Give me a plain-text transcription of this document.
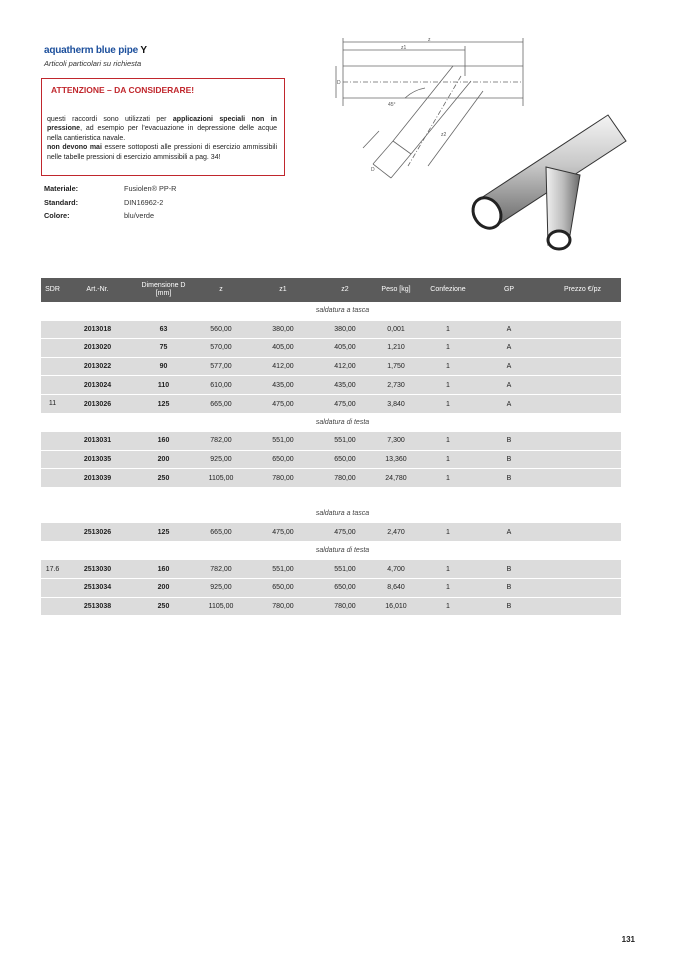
aquatherm blue pipe Y
Articoli particolari su richiesta
ATTENZIONE – DA CONSIDERARE!
questi raccordi sono utilizzati per applicazioni speciali non in pressione, ad esempio per l'evacuazione in depressione delle acque nella cantieristica navale.
non devono mai essere sottoposti alle pressioni di esercizio ammissibili nelle tabelle pressioni di esercizio ammissibili a pag. 34!
Materiale:	Fusiolen® PP-R
Standard:	DIN16962-2
Colore:	blu/verde
z
z1
D
45°
z2
D
SDR	Art.-Nr.	Dimensione D [mm]	z	z1	z2	Peso [kg]	Confezione	GP	Prezzo €/pz
	saldatura a tasca								
	2013018	63	560,00	380,00	380,00	0,001	1	A	
	2013020	75	570,00	405,00	405,00	1,210	1	A	
	2013022	90	577,00	412,00	412,00	1,750	1	A	
	2013024	110	610,00	435,00	435,00	2,730	1	A	
11	2013026	125	665,00	475,00	475,00	3,840	1	A	
	saldatura di testa								
	2013031	160	782,00	551,00	551,00	7,300	1	B	
	2013035	200	925,00	650,00	650,00	13,360	1	B	
	2013039	250	1105,00	780,00	780,00	24,780	1	B	

	saldatura a tasca								
	2513026	125	665,00	475,00	475,00	2,470	1	A	
	saldatura di testa								
17.6	2513030	160	782,00	551,00	551,00	4,700	1	B	
	2513034	200	925,00	650,00	650,00	8,640	1	B	
	2513038	250	1105,00	780,00	780,00	16,010	1	B	
131
